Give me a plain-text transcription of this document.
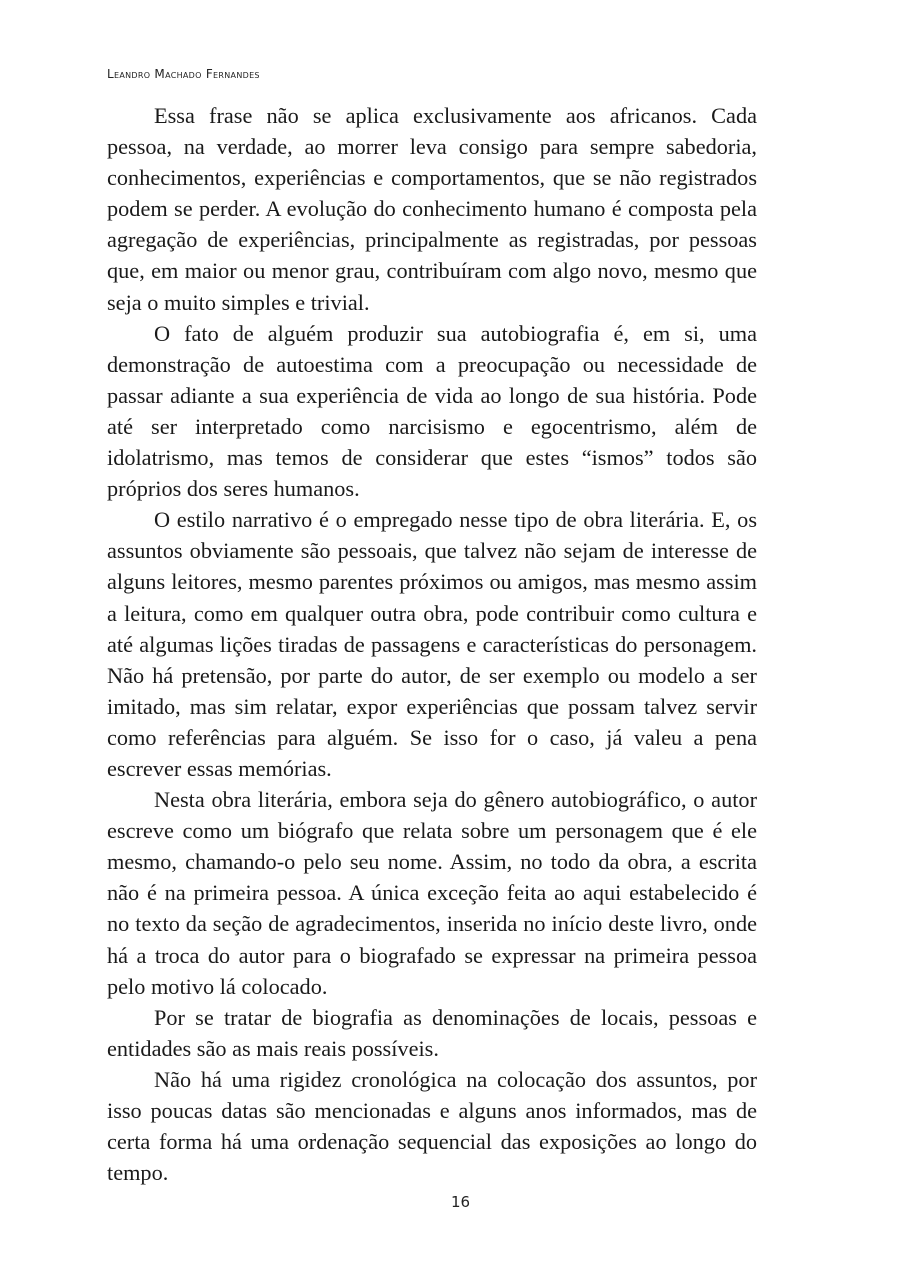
Leandro Machado Fernandes

Essa frase não se aplica exclusivamente aos africanos. Cada pessoa, na verdade, ao morrer leva consigo para sempre sabedoria, conhecimentos, experiências e comportamentos, que se não registrados podem se perder. A evolução do conhecimento humano é composta pela agregação de experiências, principalmente as registradas, por pessoas que, em maior ou menor grau, contribuíram com algo novo, mesmo que seja o muito simples e trivial.

O fato de alguém produzir sua autobiografia é, em si, uma demonstração de autoestima com a preocupação ou necessidade de passar adiante a sua experiência de vida ao longo de sua história. Pode até ser interpretado como narcisismo e egocentrismo, além de idolatrismo, mas temos de considerar que estes “ismos” todos são próprios dos seres humanos.

O estilo narrativo é o empregado nesse tipo de obra literária. E, os assuntos obviamente são pessoais, que talvez não sejam de interesse de alguns leitores, mesmo parentes próximos ou amigos, mas mesmo assim a leitura, como em qualquer outra obra, pode contribuir como cultura e até algumas lições tiradas de passagens e características do personagem. Não há pretensão, por parte do autor, de ser exemplo ou modelo a ser imitado, mas sim relatar, expor experiências que possam talvez servir como referências para alguém. Se isso for o caso, já valeu a pena escrever essas memórias.

Nesta obra literária, embora seja do gênero autobiográfico, o autor escreve como um biógrafo que relata sobre um personagem que é ele mesmo, chamando-o pelo seu nome. Assim, no todo da obra, a escrita não é na primeira pessoa. A única exceção feita ao aqui estabelecido é no texto da seção de agradecimentos, inserida no início deste livro, onde há a troca do autor para o biografado se expressar na primeira pessoa pelo motivo lá colocado.

Por se tratar de biografia as denominações de locais, pessoas e entidades são as mais reais possíveis.

Não há uma rigidez cronológica na colocação dos assuntos, por isso poucas datas são mencionadas e alguns anos informados, mas de certa forma há uma ordenação sequencial das exposições ao longo do tempo.

16
